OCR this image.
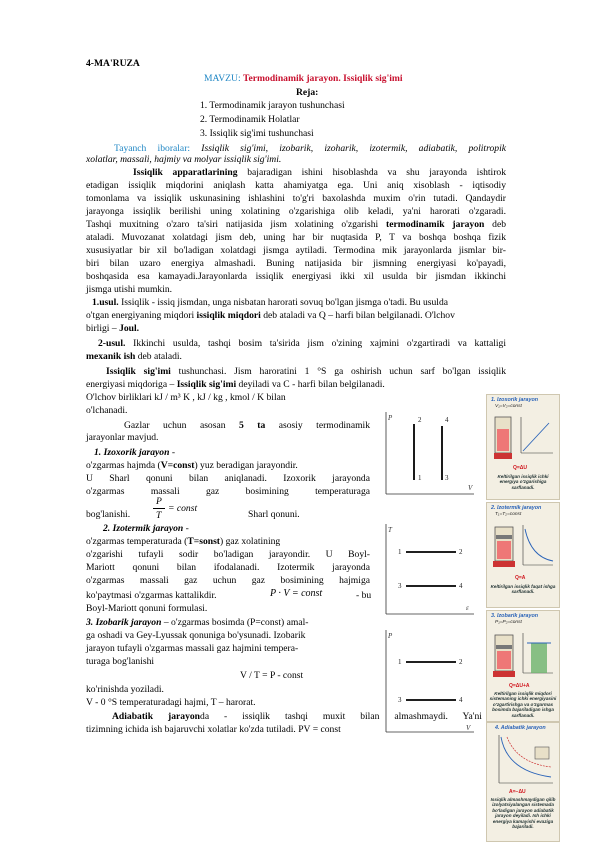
4-MA'RUZA
MAVZU: Termodinamik jarayon. Issiqlik sig'imi
Reja:
1. Termodinamik jarayon tushunchasi
2. Termodinamik Holatlar
3. Issiqlik sig'imi tushunchasi
Tayanch iboralar: Issiqlik sig'imi, izobarik, izoharik, izotermik, adiabatik, politropik
xolatlar, massali, hajmiy va molyar issiqlik sig'imi.
Issiqlik apparatlarining bajaradigan ishini hisoblashda va shu jarayonda ishtirok
etadigan issiqlik miqdorini aniqlash katta ahamiyatga ega. Uni aniq xisoblash - iqtisodiy
tomonlama va issiqlik uskunasining ishlashini to'g'ri baxolashda muxim o'rin tutadi. Qandaydir
jarayonga issiqlik berilishi uning xolatining o'zgarishiga olib keladi, ya'ni harorati o'zgaradi.
Tashqi muxitning o'zaro ta'siri natijasida jism xolatining o'zgarishi termodinamik jarayon deb
ataladi. Muvozanat xolatdagi jism deb, uning har bir nuqtasida P, T va boshqa boshqa fizik
xususiyatlar bir xil bo'ladigan xolatdagi jismga aytiladi. Termodina mik jarayonlarda jismlar bir-
biri bilan uzaro energiya almashadi. Buning natijasida bir jismning energiyasi ko'payadi,
boshqasida esa kamayadi.Jarayonlarda issiqlik energiyasi ikki xil usulda bir jismdan ikkinchi
jismga utishi mumkin.
1.usul. Issiqlik - issiq jismdan, unga nisbatan harorati sovuq bo'lgan jismga o'tadi. Bu usulda
o'tgan energiyaning miqdori issiqlik miqdori deb ataladi va Q – harfi bilan belgilanadi. O'lchov
birligi – Joul.
2-usul. Ikkinchi usulda, tashqi bosim ta'sirida jism o'zining xajmini o'zgartiradi va kattaligi
mexanik ish deb ataladi.
Issiqlik sig'imi tushunchasi. Jism haroratini 1 °S ga oshirish uchun sarf bo'lgan issiqlik
energiyasi miqdoriga – Issiqlik sig'imi deyiladi va C - harfi bilan belgilanadi.
O'lchov birliklari kJ / m³ K , kJ / kg , kmol / K bilan
o'lchanadi.
Gazlar uchun asosan 5 ta asosiy termodinamik
jarayonlar mavjud.
1. Izoxorik jarayon -
o'zgarmas hajmda (V=const) yuz beradigan jarayondir.
U Sharl qonuni bilan aniqlanadi. Izoxorik jarayonda
o'zgarmas massali gaz bosimining temperaturaga
bog'lanishi.
P
T
= const
Sharl qonuni.
2. Izotermik jarayon -
o'zgarmas temperaturada (T=sonst) gaz xolatining
o'zgarishi tufayli sodir bo'ladigan jarayondir. U Boyl-
Mariott qonuni bilan ifodalanadi. Izotermik jarayonda
o'zgarmas massali gaz uchun gaz bosimining hajmiga
ko'paytmasi o'zgarmas kattalikdir.	P · V = const	- bu
Boyl-Mariott qonuni formulasi.
3. Izobarik jarayon – o'zgarmas bosimda (P=const) amal-
ga oshadi va Gey-Lyussak qonuniga bo'ysunadi. Izobarik
jarayon tufayli o'zgarmas massali gaz hajmini tempera-
turaga bog'lanishi
V / T = P - const
ko'rinishda yoziladi.
V - 0 °S temperaturadagi hajmi, T – harorat.
Adiabatik jarayonda - issiqlik tashqi muxit bilan almashmaydi. Ya'ni
tizimning ichida ish bajaruvchi xolatlar ko'zda tutiladi. PV = const
P
V
2	4
1	3
T
ε
1	2
3	4
P
V
1	2
3	4
1. Izoxorik jarayon
V₁=V₂=const
Q=ΔU
Keltirilgan issiqlik ichki energiya o'zgarishiga sarflanadi.
2. Izotermik jarayon
T₁=T₂=const
Q=A
Keltirilgan issiqlik faqat ishga sarflanadi.
3. Izobarik jarayon
P₁=P₂=const
Q=ΔU+A
Keltirilgan issiqlik miqdori sistemaning ichki energiyasini o'zgartirishga va o'zgarmas bosimda bajariladigan ishga sarflanadi.
4. Adiabatik jarayon
A=−ΔU
Issiqlik almashmaydigan qilib izolyatsiyalangan sistemada bo'ladigan jarayon adiabatik jarayon deyiladi. Ish ichki energiya kamayishi evaziga bajariladi.
